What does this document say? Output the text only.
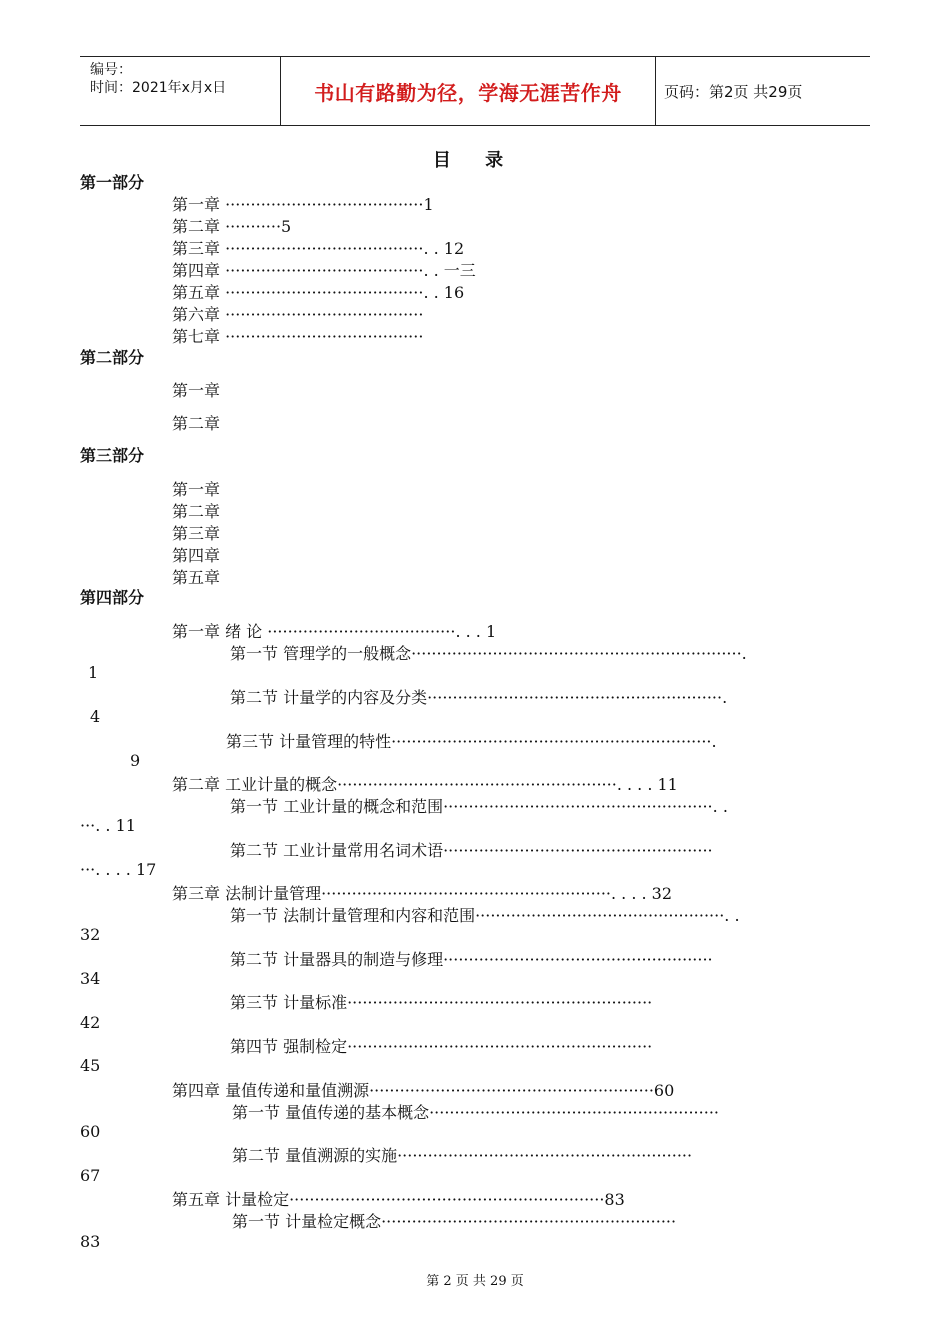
编号：
时间：2021年x月x日	书山有路勤为径，学海无涯苦作舟	页码：第2页 共29页
目 录
第一部分
第一章 ·······································1
第二章 ···········5
第三章 ·······································. . 12
第四章 ·······································. . 一三
第五章 ·······································. . 16
第六章 ·······································
第七章 ·······································
第二部分
第一章
第二章
第三部分
第一章
第二章
第三章
第四章
第五章
第四部分
第一章 绪 论 ·····································. . . 1
第一节 管理学的一般概念·································································.
1
第二节 计量学的内容及分类··························································.
4
第三节 计量管理的特性·······························································.
9
第二章 工业计量的概念·······················································. . . . 11
第一节 工业计量的概念和范围·····················································. .
···. . 11
第二节 工业计量常用名词术语·····················································
···. . . . 17
第三章 法制计量管理·························································. . . . 32
第一节 法制计量管理和内容和范围·················································. .
32
第二节 计量器具的制造与修理·····················································
34
第三节 计量标准····························································
42
第四节 强制检定····························································
45
第四章 量值传递和量值溯源························································60
第一节 量值传递的基本概念·························································
60
第二节 量值溯源的实施··························································
67
第五章 计量检定······························································83
第一节 计量检定概念··························································
83
第 2 页 共 29 页
